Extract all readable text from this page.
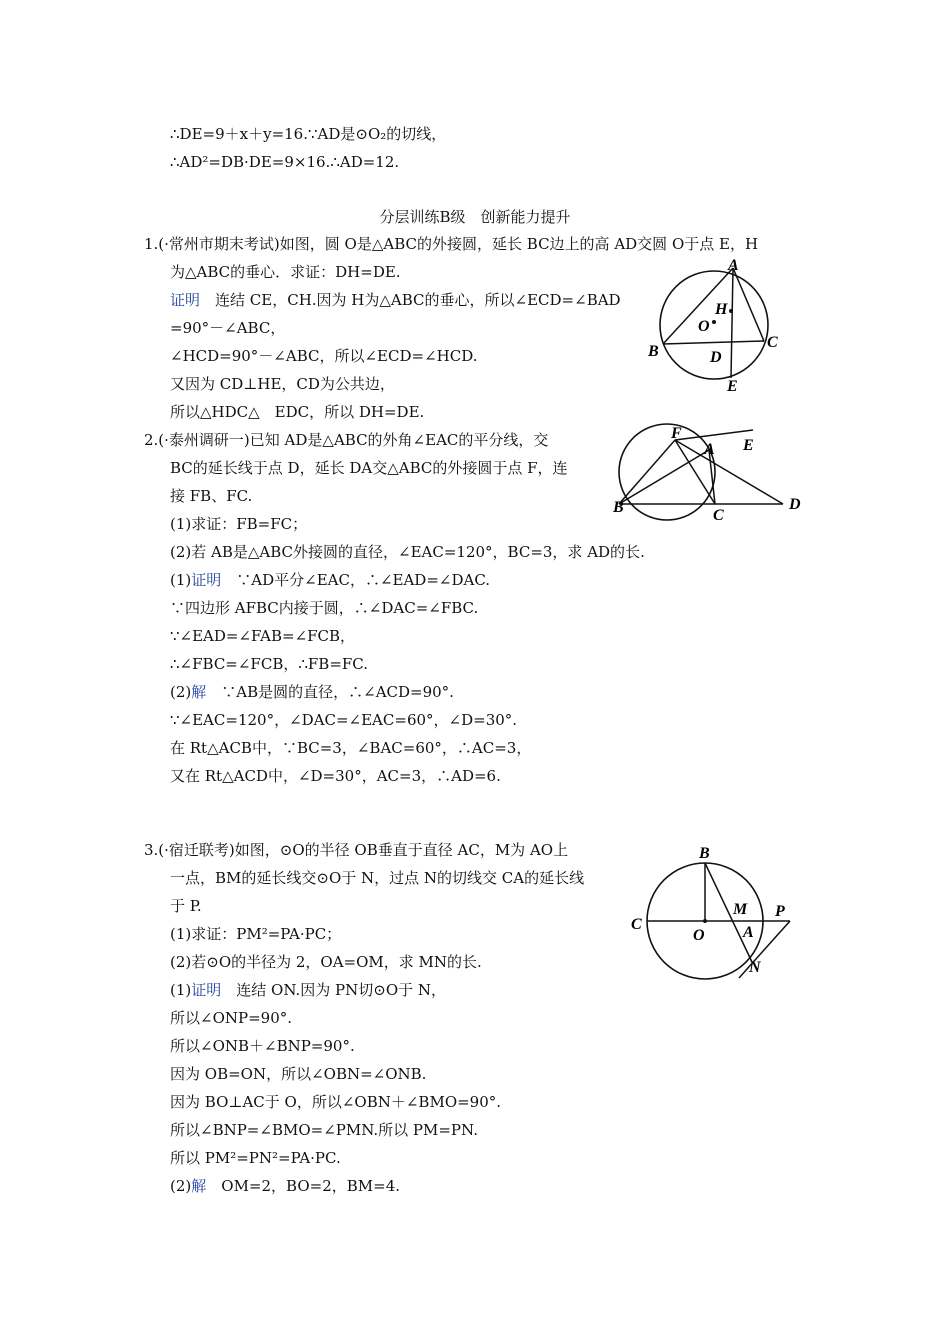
∴DE=9＋x＋y=16.∵AD是⊙O₂的切线，
∴AD²=DB·DE=9×16.∴AD=12.
分层训练B级　创新能力提升
1.(·常州市期末考试)如图，圆 O是△ABC的外接圆，延长 BC边上的高 AD交圆 O于点 E，H
为△ABC的垂心．求证：DH=DE.
证明　连结 CE，CH.因为 H为△ABC的垂心，所以∠ECD=∠BAD
=90°－∠ABC，
∠HCD=90°－∠ABC，所以∠ECD=∠HCD.
又因为 CD⊥HE，CD为公共边，
所以△HDC△　EDC，所以 DH=DE.
A
H
O
B
C
D
E
2.(·泰州调研一)已知 AD是△ABC的外角∠EAC的平分线，交
BC的延长线于点 D，延长 DA交△ABC的外接圆于点 F，连
接 FB、FC.
(1)求证：FB=FC；
(2)若 AB是△ABC外接圆的直径，∠EAC=120°，BC=3，求 AD的长.
(1)证明　∵AD平分∠EAC，∴∠EAD=∠DAC.
∵四边形 AFBC内接于圆，∴∠DAC=∠FBC.
∵∠EAD=∠FAB=∠FCB，
∴∠FBC=∠FCB，∴FB=FC.
(2)解　∵AB是圆的直径，∴∠ACD=90°.
∵∠EAC=120°，∠DAC=∠EAC=60°，∠D=30°.
在 Rt△ACB中，∵BC=3，∠BAC=60°，∴AC=3，
又在 Rt△ACD中，∠D=30°，AC=3，∴AD=6.
F
A E
B	C
D
3.(·宿迁联考)如图，⊙O的半径 OB垂直于直径 AC，M为 AO上
一点，BM的延长线交⊙O于 N，过点 N的切线交 CA的延长线
于 P.
(1)求证：PM²=PA·PC；
(2)若⊙O的半径为 2，OA=OM，求 MN的长.
(1)证明　连结 ON.因为 PN切⊙O于 N，
所以∠ONP=90°.
所以∠ONB＋∠BNP=90°.
因为 OB=ON，所以∠OBN=∠ONB.
因为 BO⊥AC于 O，所以∠OBN＋∠BMO=90°.
所以∠BNP=∠BMO=∠PMN.所以 PM=PN.
所以 PM²=PN²=PA·PC.
(2)解　OM=2，BO=2，BM=4.
B
C
O
M P
A
N
